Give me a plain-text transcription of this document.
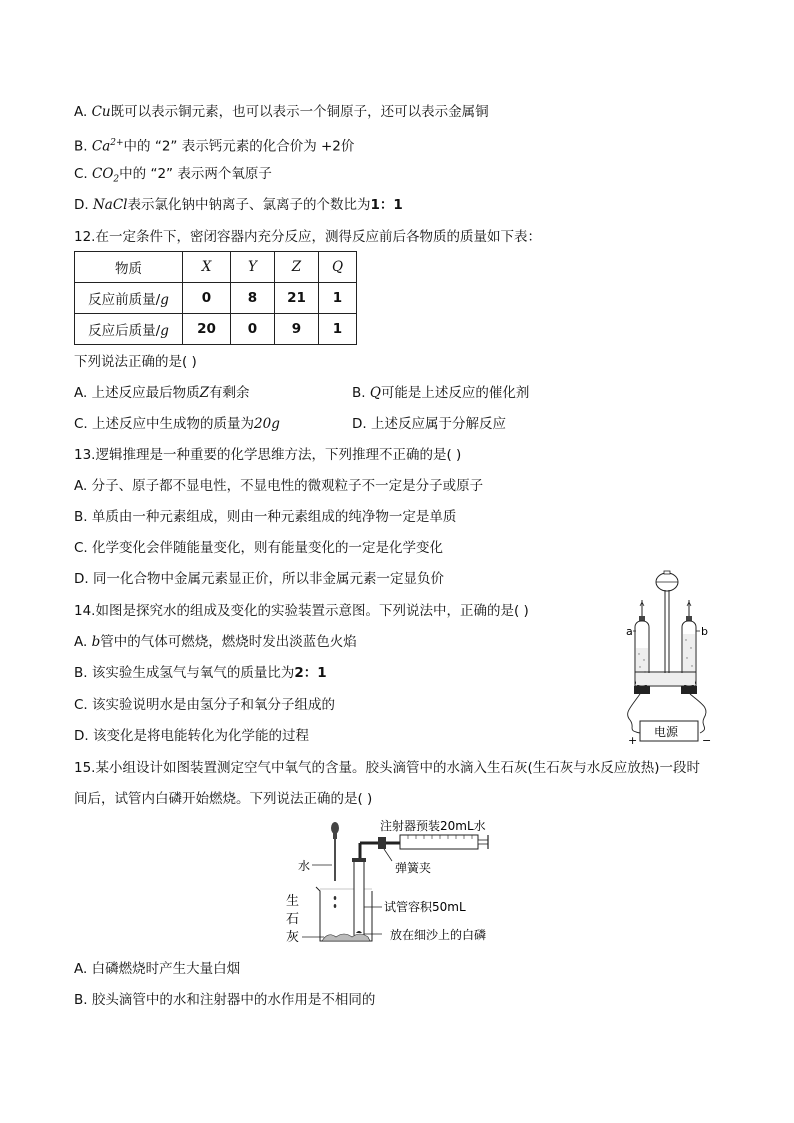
A. Cu既可以表示铜元素，也可以表示一个铜原子，还可以表示金属铜
B. $Ca^{2+}$中的 “2” 表示钙元素的化合价为 +2价
C. $CO_2$中的 “2” 表示两个氧原子
D. NaCl表示氯化钠中钠离子、氯离子的个数比为1：1
12.在一定条件下，密闭容器内充分反应，测得反应前后各物质的质量如下表：
物质	X	Y	Z	Q
反应前质量/g	0	8	21	1
反应后质量/g	20	0	9	1
下列说法正确的是( )
A. 上述反应最后物质Z有剩余	B. Q可能是上述反应的催化剂
C. 上述反应中生成物的质量为20g	D. 上述反应属于分解反应
13.逻辑推理是一种重要的化学思维方法，下列推理不正确的是( )
A. 分子、原子都不显电性，不显电性的微观粒子不一定是分子或原子
B. 单质由一种元素组成，则由一种元素组成的纯净物一定是单质
C. 化学变化会伴随能量变化，则有能量变化的一定是化学变化
D. 同一化合物中金属元素显正价，所以非金属元素一定显负价
14.如图是探究水的组成及变化的实验装置示意图。下列说法中，正确的是( )
A. b管中的气体可燃烧，燃烧时发出淡蓝色火焰
B. 该实验生成氢气与氧气的质量比为2：1
C. 该实验说明水是由氢分子和氧分子组成的
D. 该变化是将电能转化为化学能的过程
a	b
电源
+	−
15.某小组设计如图装置测定空气中氧气的含量。胶头滴管中的水滴入生石灰(生石灰与水反应放热)一段时
间后，试管内白磷开始燃烧。下列说法正确的是( )
注射器预装20mL水
弹簧夹
水
生
石
灰
试管容积50mL
放在细沙上的白磷
A. 白磷燃烧时产生大量白烟
B. 胶头滴管中的水和注射器中的水作用是不相同的
